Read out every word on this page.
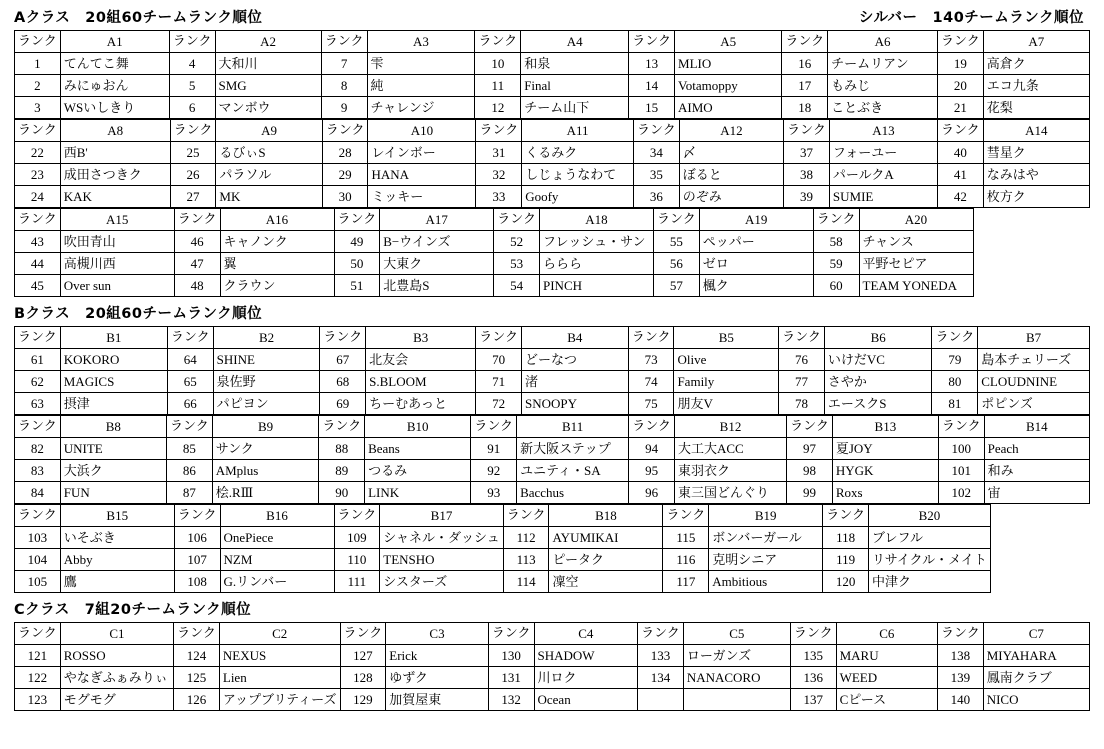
Aクラス　20組60チームランク順位	シルバー　140チームランク順位
ランク	A1	ランク	A2	ランク	A3	ランク	A4	ランク	A5	ランク	A6	ランク	A7
1	てんてこ舞	4	大和川	7	雫	10	和泉	13	MLIO	16	チームリアン	19	高倉ク
2	みにゅおん	5	SMG	8	純	11	Final	14	Votamoppy	17	もみじ	20	エコ九条
3	WSいしきり	6	マンボウ	9	チャレンジ	12	チーム山下	15	AIMO	18	ことぶき	21	花梨
ランク	A8	ランク	A9	ランク	A10	ランク	A11	ランク	A12	ランク	A13	ランク	A14
22	西B'	25	るびぃS	28	レインボー	31	くるみク	34	〆	37	フォーユー	40	彗星ク
23	成田さつきク	26	パラソル	29	HANA	32	しじょうなわて	35	ぼると	38	パールクA	41	なみはや
24	KAK	27	MK	30	ミッキー	33	Goofy	36	のぞみ	39	SUMIE	42	枚方ク
ランク	A15	ランク	A16	ランク	A17	ランク	A18	ランク	A19	ランク	A20
43	吹田青山	46	キャノンク	49	B−ウインズ	52	フレッシュ・サン	55	ペッパー	58	チャンス
44	高槻川西	47	翼	50	大東ク	53	ららら	56	ゼロ	59	平野セピア
45	Over sun	48	クラウン	51	北豊島S	54	PINCH	57	楓ク	60	TEAM YONEDA
Bクラス　20組60チームランク順位
ランク	B1	ランク	B2	ランク	B3	ランク	B4	ランク	B5	ランク	B6	ランク	B7
61	KOKORO	64	SHINE	67	北友会	70	どーなつ	73	Olive	76	いけだVC	79	島本チェリーズ
62	MAGICS	65	泉佐野	68	S.BLOOM	71	渚	74	Family	77	さやか	80	CLOUDNINE
63	摂津	66	パピヨン	69	ちーむあっと	72	SNOOPY	75	朋友V	78	エースクS	81	ポピンズ
ランク	B8	ランク	B9	ランク	B10	ランク	B11	ランク	B12	ランク	B13	ランク	B14
82	UNITE	85	サンク	88	Beans	91	新大阪ステップ	94	大工大ACC	97	夏JOY	100	Peach
83	大浜ク	86	AMplus	89	つるみ	92	ユニティ・SA	95	東羽衣ク	98	HYGK	101	和み
84	FUN	87	桧.RⅢ	90	LINK	93	Bacchus	96	東三国どんぐり	99	Roxs	102	宙
ランク	B15	ランク	B16	ランク	B17	ランク	B18	ランク	B19	ランク	B20
103	いそぶき	106	OnePiece	109	シャネル・ダッシュ	112	AYUMIKAI	115	ボンバーガール	118	ブレフル
104	Abby	107	NZM	110	TENSHO	113	ピータク	116	克明シニア	119	リサイクル・メイト
105	鷹	108	G.リンバー	111	シスターズ	114	凜空	117	Ambitious	120	中津ク
Cクラス　7組20チームランク順位
ランク	C1	ランク	C2	ランク	C3	ランク	C4	ランク	C5	ランク	C6	ランク	C7
121	ROSSO	124	NEXUS	127	Erick	130	SHADOW	133	ローガンズ	135	MARU	138	MIYAHARA
122	やなぎふぁみりぃ	125	Lien	128	ゆずク	131	川ロク	134	NANACORO	136	WEED	139	鳳南クラブ
123	モグモグ	126	アップブリティーズ	129	加賀屋東	132	Ocean			137	Cピース	140	NICO
